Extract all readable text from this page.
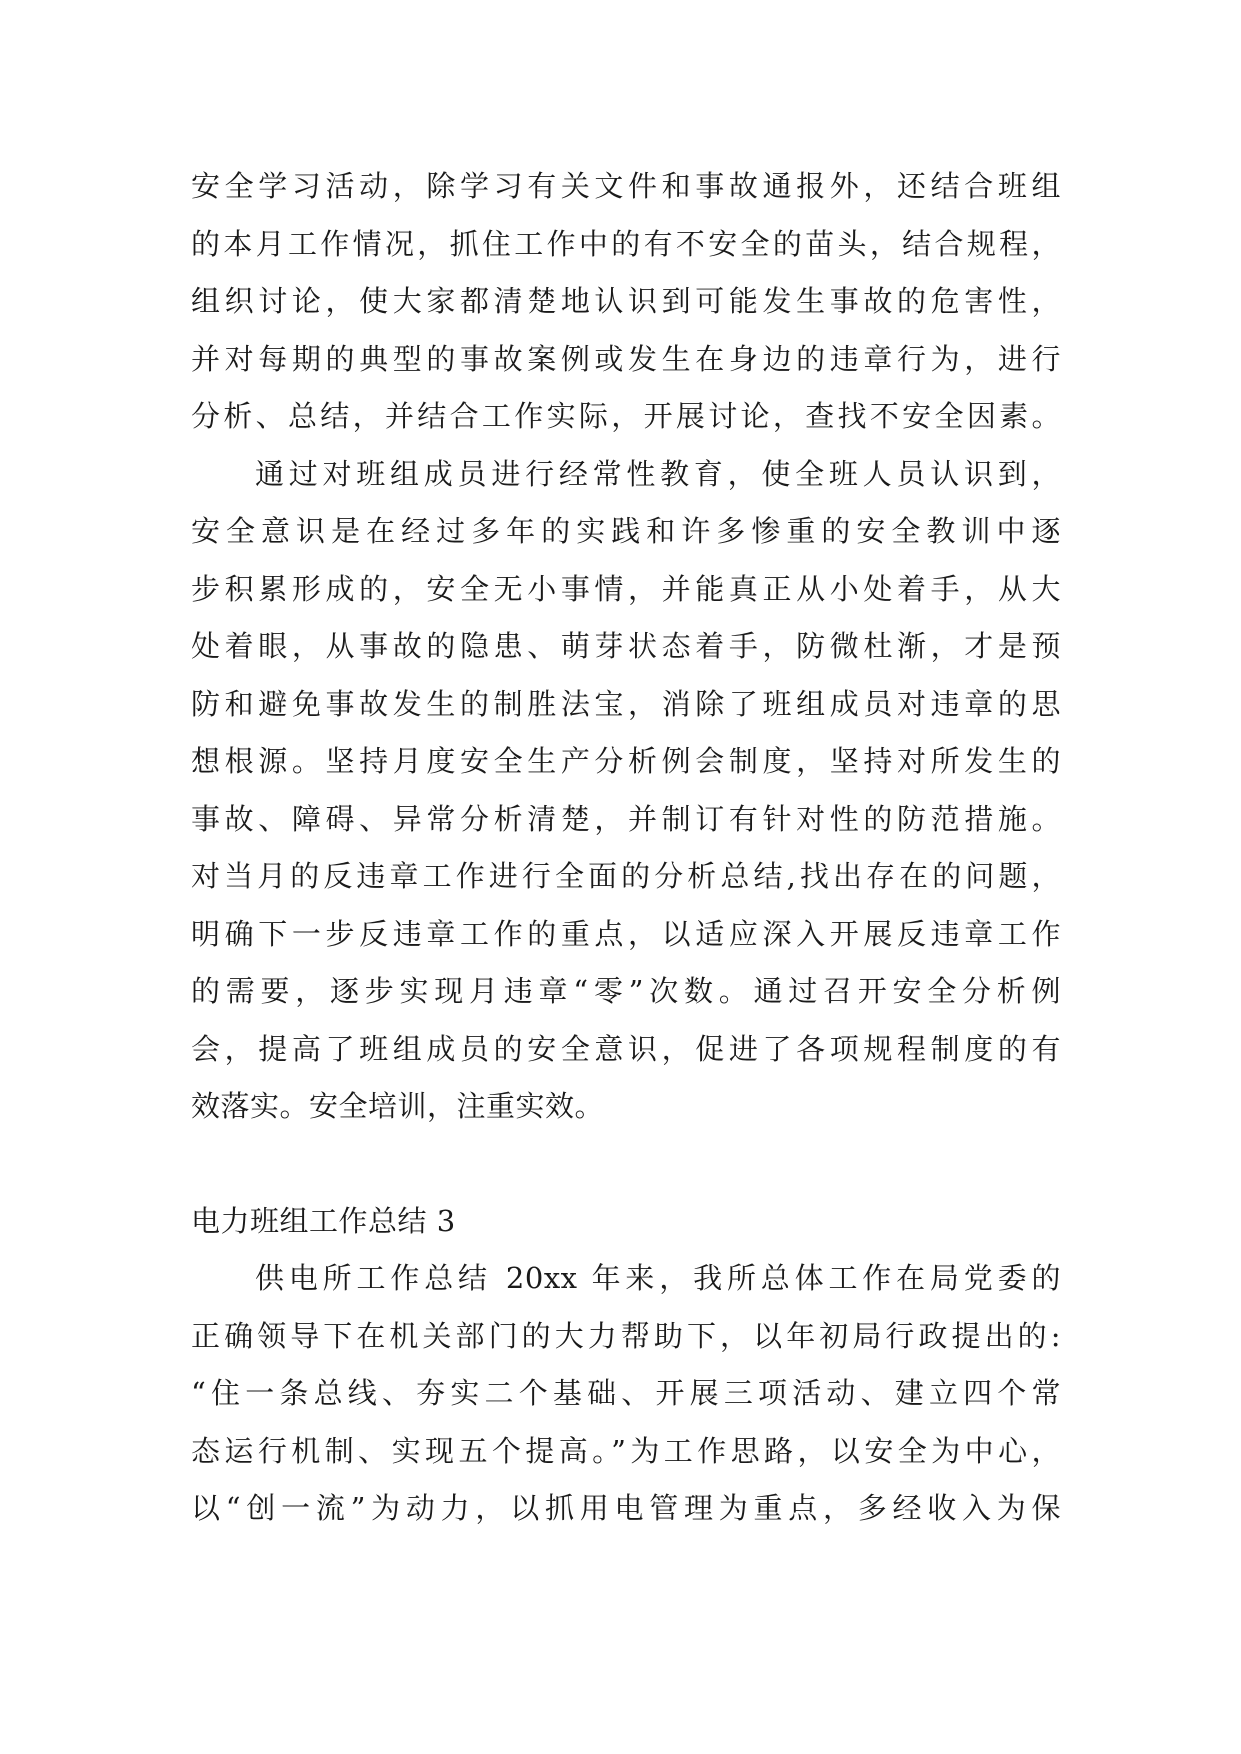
安全学习活动，除学习有关文件和事故通报外，还结合班组
的本月工作情况，抓住工作中的有不安全的苗头，结合规程，
组织讨论，使大家都清楚地认识到可能发生事故的危害性，
并对每期的典型的事故案例或发生在身边的违章行为，进行
分析、总结，并结合工作实际，开展讨论，查找不安全因素。
通过对班组成员进行经常性教育，使全班人员认识到，
安全意识是在经过多年的实践和许多惨重的安全教训中逐
步积累形成的，安全无小事情，并能真正从小处着手，从大
处着眼，从事故的隐患、萌芽状态着手，防微杜渐，才是预
防和避免事故发生的制胜法宝，消除了班组成员对违章的思
想根源。坚持月度安全生产分析例会制度，坚持对所发生的
事故、障碍、异常分析清楚，并制订有针对性的防范措施。
对当月的反违章工作进行全面的分析总结,找出存在的问题，
明确下一步反违章工作的重点，以适应深入开展反违章工作
的需要，逐步实现月违章“零”次数。通过召开安全分析例
会，提高了班组成员的安全意识，促进了各项规程制度的有
效落实。安全培训，注重实效。
电力班组工作总结 3
供电所工作总结 20xx 年来，我所总体工作在局党委的
正确领导下在机关部门的大力帮助下，以年初局行政提出的:
“住一条总线、夯实二个基础、开展三项活动、建立四个常
态运行机制、实现五个提高。”为工作思路，以安全为中心，
以“创一流”为动力，以抓用电管理为重点，多经收入为保
